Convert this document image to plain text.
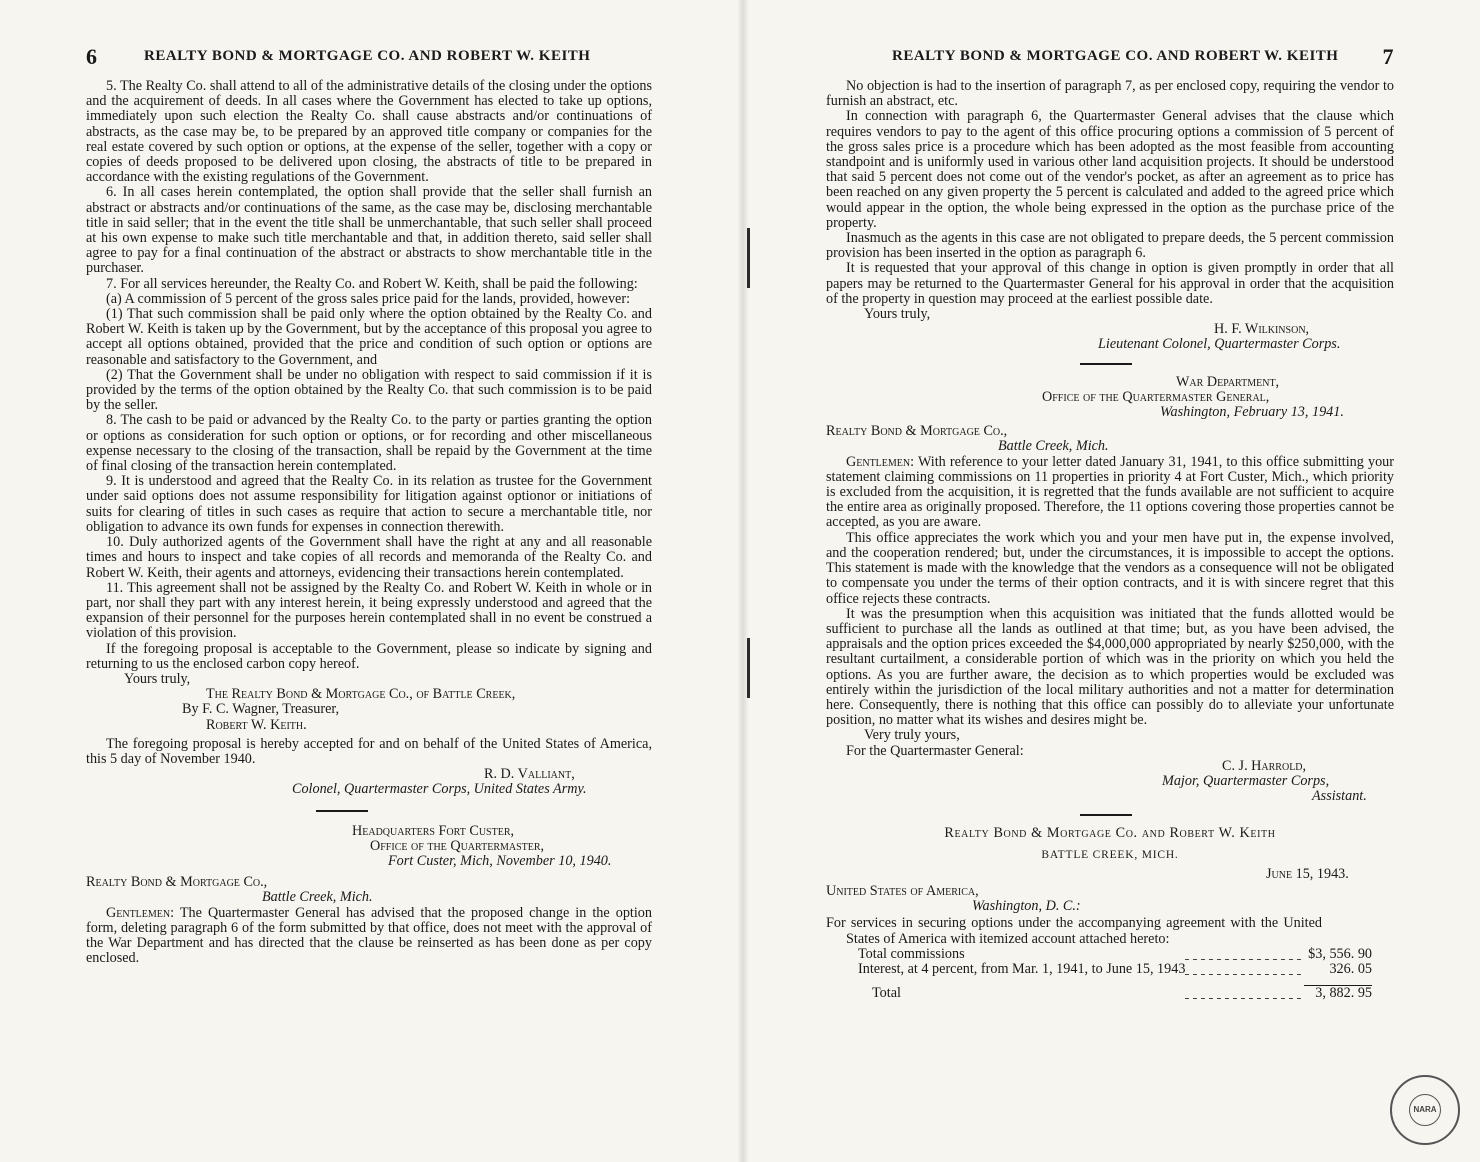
6	REALTY BOND & MORTGAGE CO. AND ROBERT W. KEITH

5. The Realty Co. shall attend to all of the administrative details of the closing under the options and the acquirement of deeds. In all cases where the Government has elected to take up options, immediately upon such election the Realty Co. shall cause abstracts and/or continuations of abstracts, as the case may be, to be prepared by an approved title company or companies for the real estate covered by such option or options, at the expense of the seller, together with a copy or copies of deeds proposed to be delivered upon closing, the abstracts of title to be prepared in accordance with the existing regulations of the Government.

6. In all cases herein contemplated, the option shall provide that the seller shall furnish an abstract or abstracts and/or continuations of the same, as the case may be, disclosing merchantable title in said seller; that in the event the title shall be unmerchantable, that such seller shall proceed at his own expense to make such title merchantable and that, in addition thereto, said seller shall agree to pay for a final continuation of the abstract or abstracts to show merchantable title in the purchaser.

7. For all services hereunder, the Realty Co. and Robert W. Keith, shall be paid the following:

(a) A commission of 5 percent of the gross sales price paid for the lands, provided, however:

(1) That such commission shall be paid only where the option obtained by the Realty Co. and Robert W. Keith is taken up by the Government, but by the acceptance of this proposal you agree to accept all options obtained, provided that the price and condition of such option or options are reasonable and satisfactory to the Government, and

(2) That the Government shall be under no obligation with respect to said commission if it is provided by the terms of the option obtained by the Realty Co. that such commission is to be paid by the seller.

8. The cash to be paid or advanced by the Realty Co. to the party or parties granting the option or options as consideration for such option or options, or for recording and other miscellaneous expense necessary to the closing of the transaction, shall be repaid by the Government at the time of final closing of the transaction herein contemplated.

9. It is understood and agreed that the Realty Co. in its relation as trustee for the Government under said options does not assume responsibility for litigation against optionor or initiations of suits for clearing of titles in such cases as require that action to secure a merchantable title, nor obligation to advance its own funds for expenses in connection therewith.

10. Duly authorized agents of the Government shall have the right at any and all reasonable times and hours to inspect and take copies of all records and memoranda of the Realty Co. and Robert W. Keith, their agents and attorneys, evidencing their transactions herein contemplated.

11. This agreement shall not be assigned by the Realty Co. and Robert W. Keith in whole or in part, nor shall they part with any interest herein, it being expressly understood and agreed that the expansion of their personnel for the purposes herein contemplated shall in no event be construed a violation of this provision.

If the foregoing proposal is acceptable to the Government, please so indicate by signing and returning to us the enclosed carbon copy hereof.

Yours truly,

The Realty Bond & Mortgage Co., of Battle Creek,

By F. C. Wagner, Treasurer,

Robert W. Keith.

The foregoing proposal is hereby accepted for and on behalf of the United States of America, this 5 day of November 1940.

R. D. Valliant,

Colonel, Quartermaster Corps, United States Army.

Headquarters Fort Custer,

Office of the Quartermaster,

Fort Custer, Mich, November 10, 1940.

Realty Bond & Mortgage Co.,

Battle Creek, Mich.

Gentlemen: The Quartermaster General has advised that the proposed change in the option form, deleting paragraph 6 of the form submitted by that office, does not meet with the approval of the War Department and has directed that the clause be reinserted as has been done as per copy enclosed.

REALTY BOND & MORTGAGE CO. AND ROBERT W. KEITH 7

No objection is had to the insertion of paragraph 7, as per enclosed copy, requiring the vendor to furnish an abstract, etc.

In connection with paragraph 6, the Quartermaster General advises that the clause which requires vendors to pay to the agent of this office procuring options a commission of 5 percent of the gross sales price is a procedure which has been adopted as the most feasible from accounting standpoint and is uniformly used in various other land acquisition projects. It should be understood that said 5 percent does not come out of the vendor's pocket, as after an agreement as to price has been reached on any given property the 5 percent is calculated and added to the agreed price which would appear in the option, the whole being expressed in the option as the purchase price of the property.

Inasmuch as the agents in this case are not obligated to prepare deeds, the 5 percent commission provision has been inserted in the option as paragraph 6.

It is requested that your approval of this change in option is given promptly in order that all papers may be returned to the Quartermaster General for his approval in order that the acquisition of the property in question may proceed at the earliest possible date.

Yours truly,

H. F. Wilkinson,

Lieutenant Colonel, Quartermaster Corps.

War Department,

Office of the Quartermaster General,

Washington, February 13, 1941.

Realty Bond & Mortgage Co.,

Battle Creek, Mich.

Gentlemen: With reference to your letter dated January 31, 1941, to this office submitting your statement claiming commissions on 11 properties in priority 4 at Fort Custer, Mich., which priority is excluded from the acquisition, it is regretted that the funds available are not sufficient to acquire the entire area as originally proposed. Therefore, the 11 options covering those properties cannot be accepted, as you are aware.

This office appreciates the work which you and your men have put in, the expense involved, and the cooperation rendered; but, under the circumstances, it is impossible to accept the options. This statement is made with the knowledge that the vendors as a consequence will not be obligated to compensate you under the terms of their option contracts, and it is with sincere regret that this office rejects these contracts.

It was the presumption when this acquisition was initiated that the funds allotted would be sufficient to purchase all the lands as outlined at that time; but, as you have been advised, the appraisals and the option prices exceeded the $4,000,000 appropriated by nearly $250,000, with the resultant curtailment, a considerable portion of which was in the priority on which you held the options. As you are further aware, the decision as to which properties would be excluded was entirely within the jurisdiction of the local military authorities and not a matter for determination here. Consequently, there is nothing that this office can possibly do to alleviate your unfortunate position, no matter what its wishes and desires might be.

Very truly yours,

For the Quartermaster General:

C. J. Harrold,

Major, Quartermaster Corps,

Assistant.

Realty Bond & Mortgage Co. and Robert W. Keith

BATTLE CREEK, MICH.

June 15, 1943.

United States of America,

Washington, D. C.:

For services in securing options under the accompanying agreement with the United States of America with itemized account attached hereto:

Total commissions		$3, 556. 90
Interest, at 4 percent, from Mar. 1, 1941, to June 15, 1943		326. 05

Total		3, 882. 95
NARA
